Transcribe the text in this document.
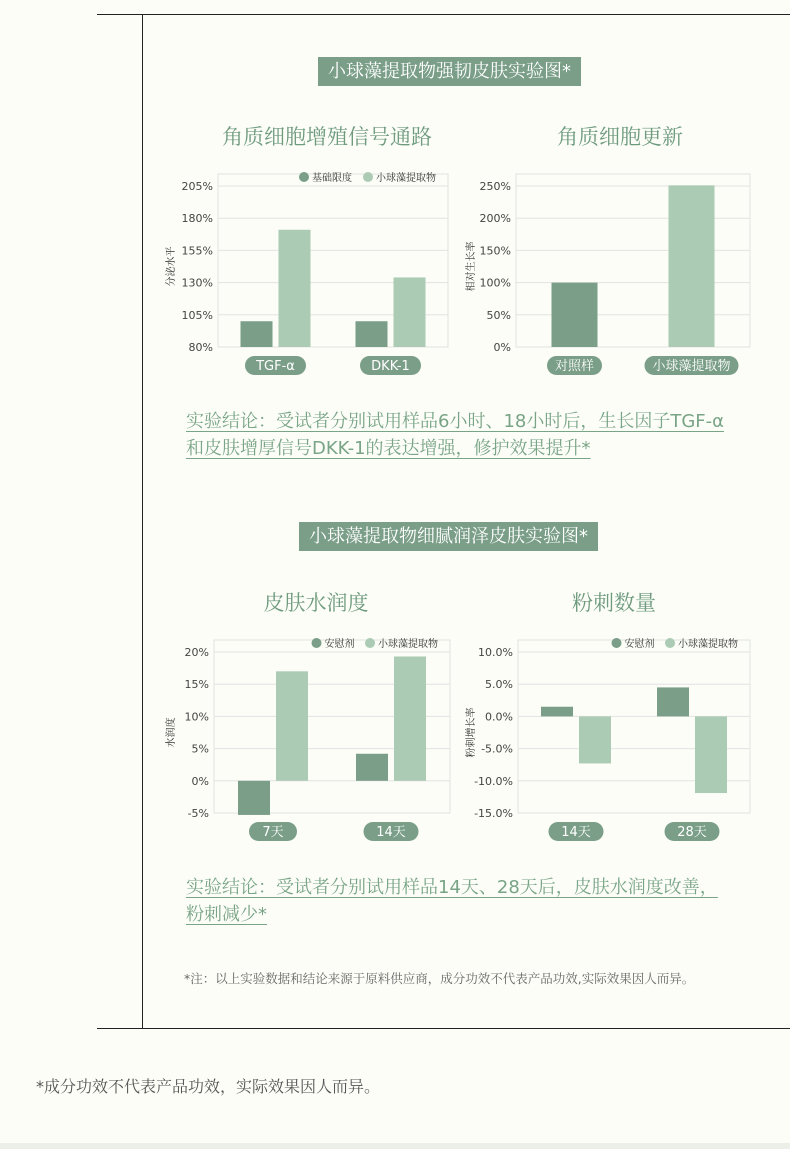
小球藻提取物强韧皮肤实验图*
角质细胞增殖信号通路	角质细胞更新
80%
105%
130%
155%
180%
205%
分泌水平
TGF-α	DKK-1
基础限度 小球藻提取物
0%
50%
100%
150%
200%
250%
相对生长率
对照样	小球藻提取物
实验结论：受试者分别试用样品6小时、18小时后，生长因子TGF-α
和皮肤增厚信号DKK-1的表达增强，修护效果提升*
小球藻提取物细腻润泽皮肤实验图*
皮肤水润度	粉刺数量
-5%
0%
5%
10%
15%
20%
水润度
7天	14天
安慰剂 小球藻提取物
-15.0%
-10.0%
-5.0%
0.0%
5.0%
10.0%
粉刺增长率
14天	28天
安慰剂 小球藻提取物
实验结论：受试者分别试用样品14天、28天后，皮肤水润度改善，
粉刺减少*
*注：以上实验数据和结论来源于原料供应商，成分功效不代表产品功效,实际效果因人而异。
*成分功效不代表产品功效，实际效果因人而异。
